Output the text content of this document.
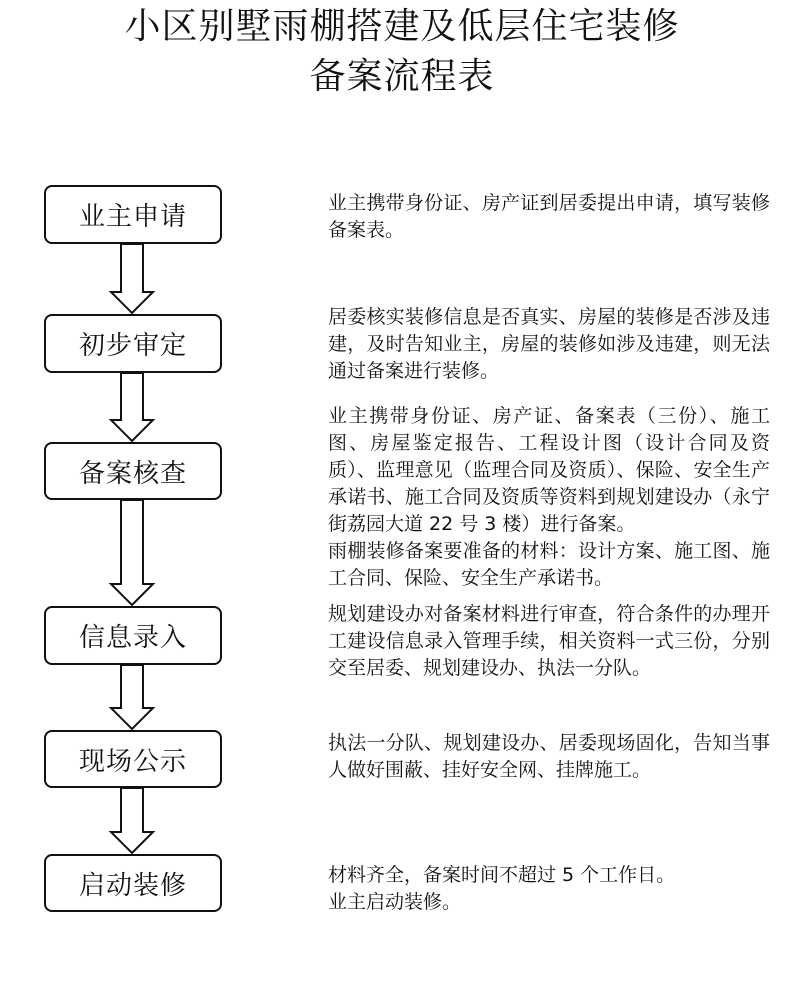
小区别墅雨棚搭建及低层住宅装修
备案流程表
业主申请
初步审定
备案核查
信息录入
现场公示
启动装修
业主携带身份证、房产证到居委提出申请，填写装修备案表。
居委核实装修信息是否真实、房屋的装修是否涉及违建，及时告知业主，房屋的装修如涉及违建，则无法通过备案进行装修。
业主携带身份证、房产证、备案表（三份）、施工图、房屋鉴定报告、工程设计图（设计合同及资质）、监理意见（监理合同及资质）、保险、安全生产承诺书、施工合同及资质等资料到规划建设办（永宁街荔园大道 22 号 3 楼）进行备案。
雨棚装修备案要准备的材料：设计方案、施工图、施工合同、保险、安全生产承诺书。
规划建设办对备案材料进行审查，符合条件的办理开工建设信息录入管理手续，相关资料一式三份，分别交至居委、规划建设办、执法一分队。
执法一分队、规划建设办、居委现场固化，告知当事人做好围蔽、挂好安全网、挂牌施工。
材料齐全，备案时间不超过 5 个工作日。
业主启动装修。
